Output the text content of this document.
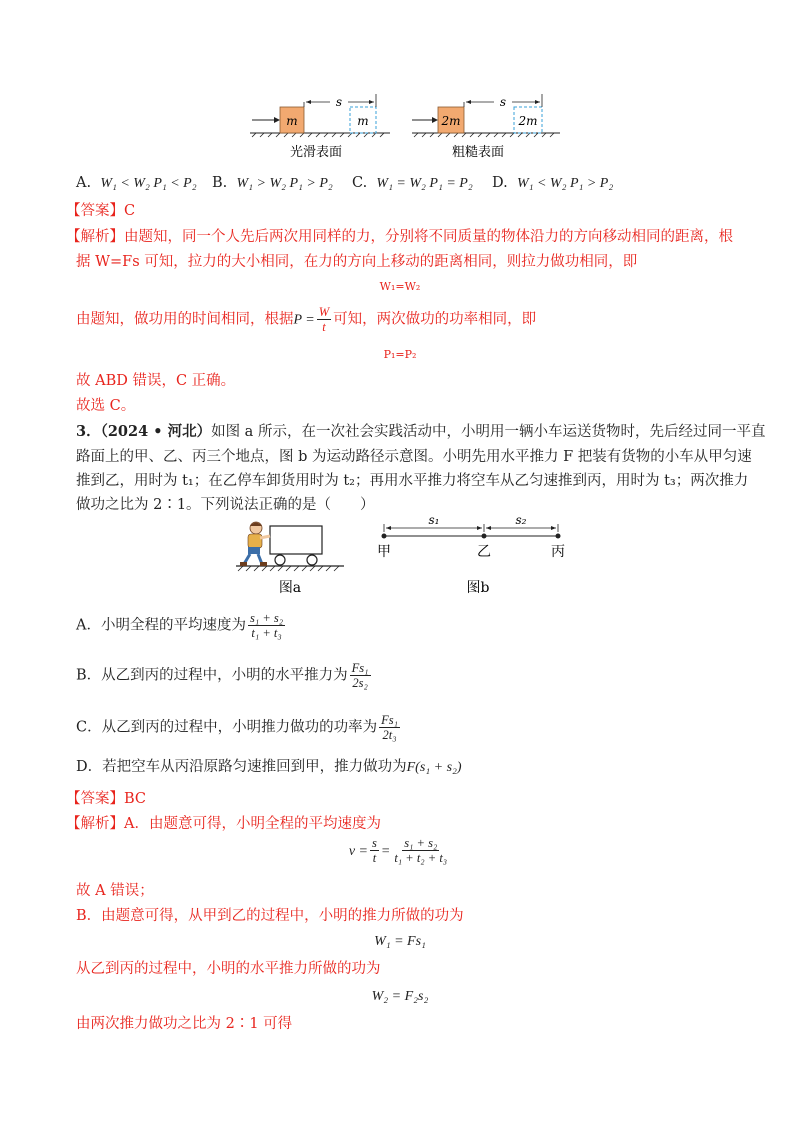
m	m
s
光滑表面
2m	2m
s
粗糙表面
A. W₁ < W₂ P₁ < P₂ B. W₁ > W₂ P₁ > P₂ C. W₁ = W₂ P₁ = P₂ D. W₁ < W₂ P₁ > P₂
【答案】C
【解析】由题知，同一个人先后两次用同样的力，分别将不同质量的物体沿力的方向移动相同的距离，根
据 W=Fs 可知，拉力的大小相同，在力的方向上移动的距离相同，则拉力做功相同，即
W₁=W₂
由题知，做功用的时间相同，根据$P = \frac{W}{t}$ 可知，两次做功的功率相同，即
P₁=P₂
故 ABD 错误，C 正确。
故选 C。
3．（2024 • 河北）如图 a 所示，在一次社会实践活动中，小明用一辆小车运送货物时，先后经过同一平直
路面上的甲、乙、丙三个地点，图 b 为运动路径示意图。小明先用水平推力 F 把装有货物的小车从甲匀速
推到乙，用时为 t₁；在乙停车卸货用时为 t₂；再用水平推力将空车从乙匀速推到丙，用时为 t₃；两次推力
做功之比为 2∶1。下列说法正确的是（　　）
图a
s₁	s₂
甲	乙	丙
图b
A．小明全程的平均速度为 $\frac{\text{s₁ + s₂}}{\text{t₁ + t₃}}$
B．从乙到丙的过程中，小明的水平推力为 $\frac{\text{Fs₁}}{\text{2s₂}}$
C．从乙到丙的过程中，小明推力做功的功率为 $\frac{\text{Fs₁}}{\text{2t₃}}$
D．若把空车从丙沿原路匀速推回到甲，推力做功为F(s₁ + s₂)
【答案】BC
【解析】A．由题意可得，小明全程的平均速度为
$v = \frac{s}{t} = \frac{\text{s₁ + s₂}}{\text{t₁ + t₂ + t₃}}$
故 A 错误；
B．由题意可得，从甲到乙的过程中，小明的推力所做的功为
W₁ = Fs₁
从乙到丙的过程中，小明的水平推力所做的功为
W₂ = F₂s₂
由两次推力做功之比为 2∶1 可得
